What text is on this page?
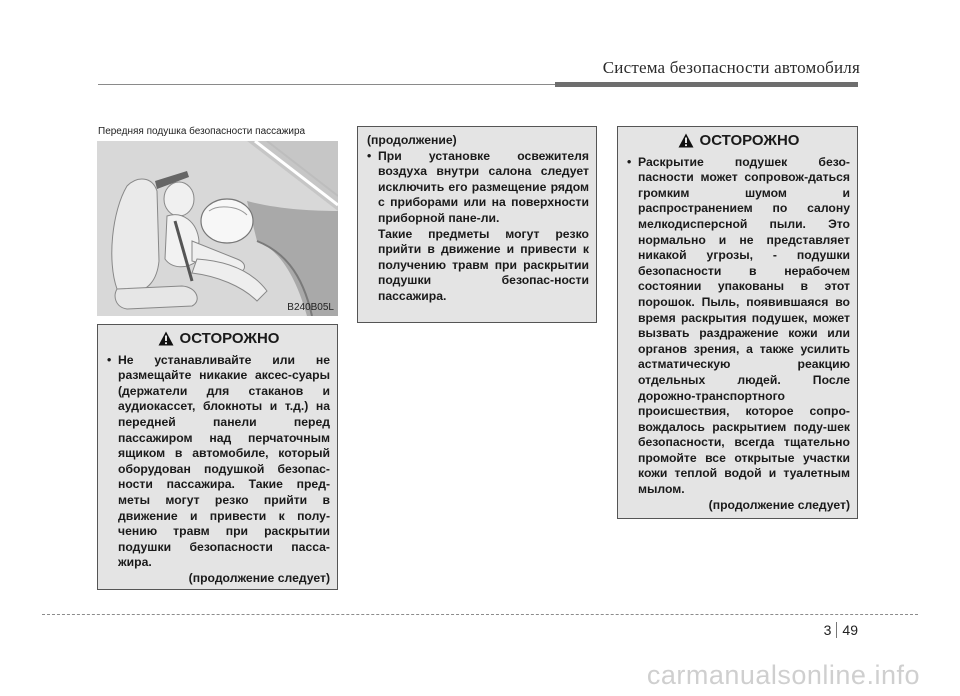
Система безопасности автомобиля
Передняя подушка безопасности пассажира
B240B05L
ОСТОРОЖНО
• Не устанавливайте или не размещайте никакие аксес-суары (держатели для стаканов и аудиокассет, блокноты и т.д.) на передней панели перед пассажиром над перчаточным ящиком в автомобиле, который оборудован подушкой безопас-ности пассажира. Такие пред-меты могут резко прийти в движение и привести к полу-чению травм при раскрытии подушки безопасности пасса-жира.
(продолжение следует)
(продолжение)
• При установке освежителя воздуха внутри салона следует исключить его размещение рядом с приборами или на поверхности приборной пане-ли.
Такие предметы могут резко прийти в движение и привести к получению травм при раскрытии подушки безопас-ности пассажира.
ОСТОРОЖНО
• Раскрытие подушек безо-пасности может сопровож-даться громким шумом и распространением по салону мелкодисперсной пыли. Это нормально и не представляет никакой угрозы, - подушки безопасности в нерабочем состоянии упакованы в этот порошок. Пыль, появившаяся во время раскрытия подушек, может вызвать раздражение кожи или органов зрения, а также усилить астматическую реакцию отдельных людей. После дорожно-транспортного происшествия, которое сопро-вождалось раскрытием поду-шек безопасности, всегда тщательно промойте все открытые участки кожи теплой водой и туалетным мылом.
(продолжение следует)
3 49
carmanualsonline.info
